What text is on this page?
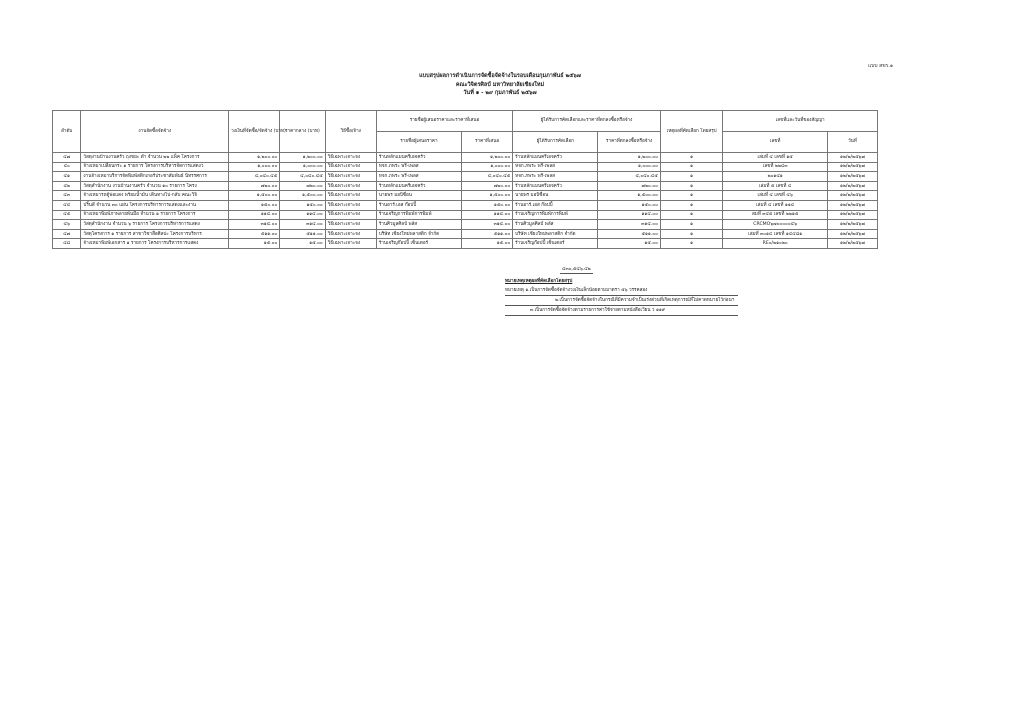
แบบ สขร.๑
แบบสรุปผลการดำเนินการจัดซื้อจัดจ้างในรอบเดือนกุมภาพันธ์ ๒๕๖๗
คณะวิจิตรศิลป์ มหาวิทยาลัยเชียงใหม่
วันที่ ๑ - ๒๙ กุมภาพันธ์ ๒๕๖๗
ลำดับ	งานจัดซื้อจัดจ้าง	วงเงินที่จัดซื้อ/จัดจ้าง (บาท)	ราคากลาง (บาท)	วิธีซื้อ/จ้าง	รายชื่อผู้เสนอราคาและราคาที่เสนอ		ผู้ได้รับการคัดเลือกและราคาที่ตกลงซื้อหรือจ้าง		เหตุผลที่คัดเลือก โดยสรุป	เลขที่และวันที่ของสัญญา	
					รายชื่อผู้เสนอราคา	ราคาที่เสนอ	ผู้ได้รับการคัดเลือก	ราคาที่ตกลงซื้อหรือจ้าง		เลขที่	วันที่
๔๗	วัสดุงานบ้านงานครัว ถุงขยะ ดำ จำนวน ๒๒ แพ็ค โครงการ	๑,๒๐๐.๐๐	๑,๒๐๐.๐๐	วิธีเฉพาะเจาะจง	ร้านหลักแมนครีเอจครัว	๑,๒๐๐.๐๐	ร้านหลักแมนครีเอจครัว	๑,๒๐๐.๐๐	๑	เล่มที่ ๔ เลขที่ ๑๕	๑๒/๒/๒๕๖๗
๔๐	จ้างเหมาเปลี่ยนกระ ๑ รายการ โครงการบริหารจัดการแสดงว	๑,๐๐๐.๐๐	๑,๐๐๐.๐๐	วิธีเฉพาะเจาะจง	หจก.ภพระ พรี-เพลส	๑,๐๐๐.๐๐	หจก.ภพระ พรี-เพลส	๑,๐๐๐.๐๐	๑	เลขที่ ๒๒๔๓	๑๒/๒/๒๕๖๗
๔๑	งานจ้างเหมาบริการจัดพิมพ์สติกเกอร์ประชาสัมพันธ์ นิทรรศการ	๔,๐๔๐.๔๕	๔,๐๔๐.๔๕	วิธีเฉพาะเจาะจง	หจก.ภพระ พรี-เพลส	๔,๐๔๐.๔๕	หจก.ภพระ พรี-เพลส	๔,๐๔๐.๔๕	๑	๒๐๑๔๑	๑๒/๒/๒๕๖๗
๔๒	วัสดุสำนักงาน งานบ้านงานครัว จำนวน ๑๐ รายการ โครง	๗๒๐.๐๐	๗๒๐.๐๐	วิธีเฉพาะเจาะจง	ร้านหลักแมนครีเอจครัว	๗๒๐.๐๐	ร้านหลักแมนครีเอจครัว	๗๒๐.๐๐	๑	เล่มที่ ๕ เลขที่ ๔	๑๒/๒/๒๕๖๗
๔๓	จ้างเหมารถตู้พ่อแดง พร้อมน้ำมัน เดินทางไป-กลับ คณะวิจิ	๑,๕๐๐.๐๐	๑,๕๐๐.๐๐	วิธีเฉพาะเจาะจง	นายพร มอบิซื่อน	๑,๕๐๐.๐๐	นายพร มอบิซื่อน	๑,๕๐๐.๐๐	๑	เล่มที่ ๔ เลขที่ ๔๖	๑๒/๒/๒๕๖๗
๔๔	ปริ้นสี จำนวน ๓๐ แผ่น โครงการบริหารการแสดงและงาน	๑๕๐.๐๐	๑๕๐.๐๐	วิธีเฉพาะเจาะจง	ร้านอาร์.เอส ก๊อปปี้	๑๕๐.๐๐	ร้านอาร์.เอส ก๊อปปี้	๑๕๐.๐๐	๑	เล่มที่ ๔ เลขที่ ๑๑๔	๑๒/๒/๒๕๖๗
๔๕	จ้างเหมาพิมพ์ภาพลายพ้นมือ จำนวน ๑ รายการ โครงการ	๑๑๔.๐๐	๑๑๔.๐๐	วิธีเฉพาะเจาะจง	ร้านเจริญการพิมพ์การพิมพ์	๑๑๔.๐๐	ร้านเจริญการพิมพ์การพิมพ์	๑๑๔.๐๐	๑	สมที่ ๓๔๕ เลขที่ ๒๒๑๕	๑๒/๒/๒๕๖๗
๔๖	วัสดุสำนักงาน จำนวน ๖ รายการ โครงการบริหารการแสดง	๓๑๔.๐๐	๓๑๔.๐๐	วิธีเฉพาะเจาะจง	ร้านศิวมูลศิลป์ พลัส	๓๑๔.๐๐	ร้านศิวมูลศิลป์ พลัส	๓๑๔.๐๐	๑	CRCMO๖๗๐๐๐๐๐๔๖	๑๒/๒/๒๕๖๗
๔๗	วัสดุโครงการ ๑ รายการ สาขาวิชาสื่อศิลปะ โครงการบริหาร	๕๑๑.๐๐	๕๑๑.๐๐	วิธีเฉพาะเจาะจง	บริษัท เชียงใหม่พลาสติก จำกัด	๕๑๑.๐๐	บริษัท เชียงใหม่พลาสติก จำกัด	๕๑๑.๐๐	๑	เล่มที่ ๓๐๑๔ เลขที่ ๑๔๔๘๑	๑๒/๒/๒๕๖๗
๔๘	จ้างเหมาพิมพ์เอกสาร ๑ รายการ โครงการบริหารการแสดง	๑๕.๐๐	๑๕.๐๐	วิธีเฉพาะเจาะจง	ร้านเจริญก๊อปปี้ เซ็นเตอร์	๑๕.๐๐	ร้านเจริญก๊อปปี้ เซ็นเตอร์	๑๕.๐๐	๑	RE๐/๒๑๐๒๐	๑๒/๒/๒๕๖๗
๔๓๐,๕๔๖.๔๒
หมายเหตุเหตุผลที่คัดเลือกโดยสรุป
หมายเหตุ ๑.เป็นการจัดซื้อจัดจ้างวงเงินเล็กน้อยตามมาตรา ๕๖ วรรคสอง
๒.เป็นการจัดซื้อจัดจ้างในกรณีที่มีความจำเป็นเร่งด่วนที่เกิดเหตุการณ์ที่ไม่คาดหมายไว้ก่อนฯ
๓.เป็นการจัดซื้อจัดจ้างตามรายการค่าใช้จ่ายตามหนังสือเวียน ว ๑๑๙
